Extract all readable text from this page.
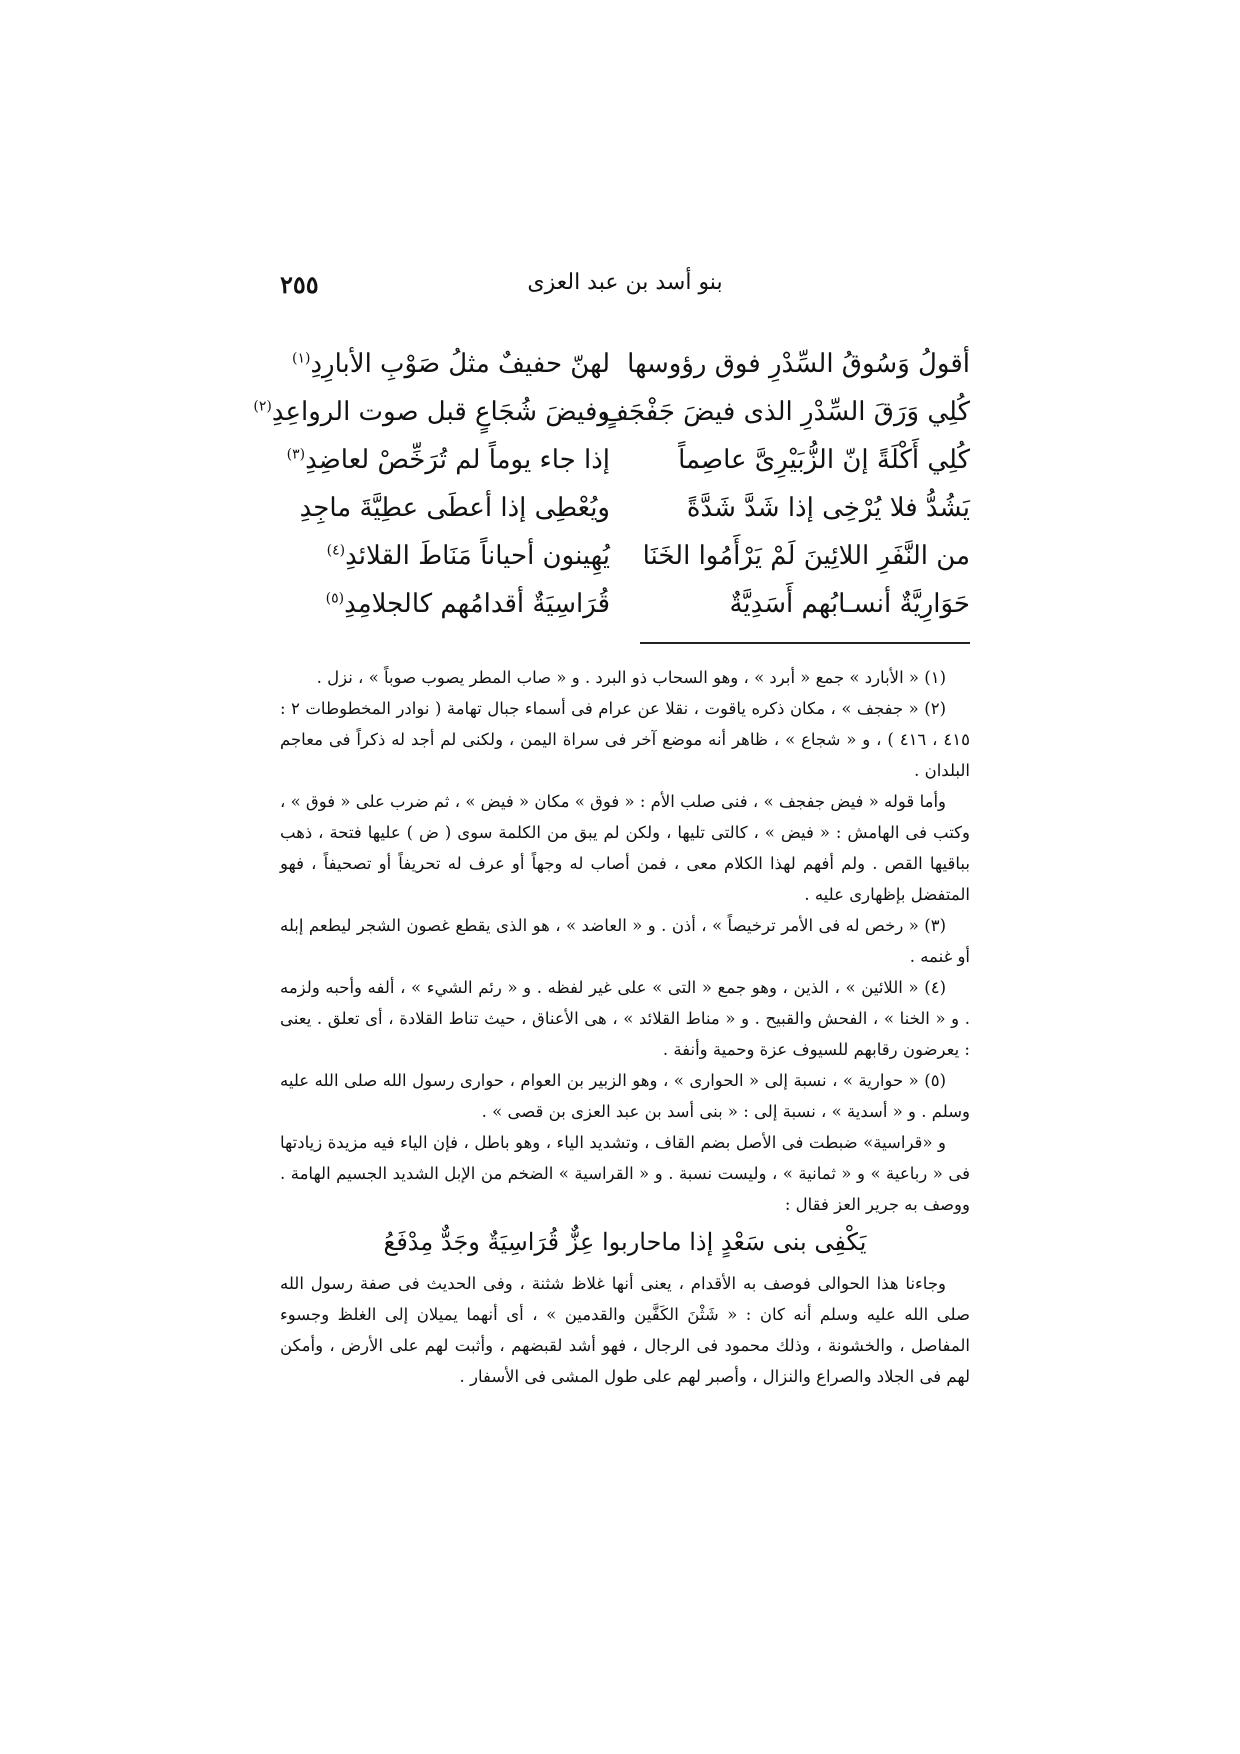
بنو أسد بن عبد العزى
٢٥٥
أقولُ وَسُوقُ السِّدْرِ فوق رؤوسها
لهنّ حفيفٌ مثلُ صَوْبِ الأبارِدِ$^{(١)}$
كُلِي وَرَقَ السِّدْرِ الذى فيضَ جَفْجَفٍ
وفيضَ شُجَاعٍ قبل صوت الرواعِدِ$^{(٢)}$
كُلِي أَكْلَةً إنّ الزُّبَيْرِىَّ عاصِماً
إذا جاء يوماً لم تُرَخِّصْ لعاضِدِ$^{(٣)}$
يَشُدُّ فلا يُرْخِى إذا شَدَّ شَدَّةً
ويُعْطِى إذا أعطَى عطِيَّةَ ماجِدِ
من النَّفَرِ اللائِينَ لَمْ يَرْأَمُوا الخَنَا
يُهِينون أحياناً مَنَاطَ القلائدِ$^{(٤)}$
حَوَارِيَّةٌ أنسـابُهم أَسَدِيَّةٌ
قُرَاسِيَةٌ أقدامُهم كالجلامِدِ$^{(٥)}$

(١) « الأبارد » جمع « أبرد » ، وهو السحاب ذو البرد . و « صاب المطر يصوب صوباً » ، نزل .

(٢) « جفجف » ، مكان ذكره ياقوت ، نقلا عن عرام فى أسماء جبال تهامة ( نوادر المخطوطات ٢ : ٤١٥ ، ٤١٦ ) ، و « شجاع » ، ظاهر أنه موضع آخر فى سراة اليمن ، ولكنى لم أجد له ذكراً فى معاجم البلدان .

وأما قوله « فيض جفجف » ، فنى صلب الأم : « فوق » مكان « فيض » ، ثم ضرب على « فوق » ، وكتب فى الهامش : « فيض » ، كالتى تليها ، ولكن لم يبق من الكلمة سوى ( ض ) عليها فتحة ، ذهب بباقيها القص . ولم أفهم لهذا الكلام معى ، فمن أصاب له وجهاً أو عرف له تحريفاً أو تصحيفاً ، فهو المتفضل بإظهارى عليه .

(٣) « رخص له فى الأمر ترخيصاً » ، أذن . و « العاضد » ، هو الذى يقطع غصون الشجر ليطعم إبله أو غنمه .

(٤) « اللائين » ، الذين ، وهو جمع « التى » على غير لفظه . و « رئم الشيء » ، ألفه وأحبه ولزمه . و « الخنا » ، الفحش والقبيح . و « مناط القلائد » ، هى الأعناق ، حيث تناط القلادة ، أى تعلق . يعنى : يعرضون رقابهم للسيوف عزة وحمية وأنفة .

(٥) « حوارية » ، نسبة إلى « الحوارى » ، وهو الزبير بن العوام ، حوارى رسول الله صلى الله عليه وسلم . و « أسدية » ، نسبة إلى : « بنى أسد بن عبد العزى بن قصى » .

و «قراسية» ضبطت فى الأصل بضم القاف ، وتشديد الياء ، وهو باطل ، فإن الياء فيه مزيدة زيادتها فى « رباعية » و « ثمانية » ، وليست نسبة . و « القراسية » الضخم من الإبل الشديد الجسيم الهامة . ووصف به جرير العز فقال :

يَكْفِى بنى سَعْدٍ إذا ماحاربوا عِزٌّ قُرَاسِيَةٌ وجَدٌّ مِدْفَعُ

وجاءنا هذا الحوالى فوصف به الأقدام ، يعنى أنها غلاظ شثنة ، وفى الحديث فى صفة رسول الله صلى الله عليه وسلم أنه كان : « شَثْنَ الكَفَّين والقدمين » ، أى أنهما يميلان إلى الغلظ وجسوء المفاصل ، والخشونة ، وذلك محمود فى الرجال ، فهو أشد لقبضهم ، وأثبت لهم على الأرض ، وأمكن لهم فى الجلاد والصراع والنزال ، وأصبر لهم على طول المشى فى الأسفار .
